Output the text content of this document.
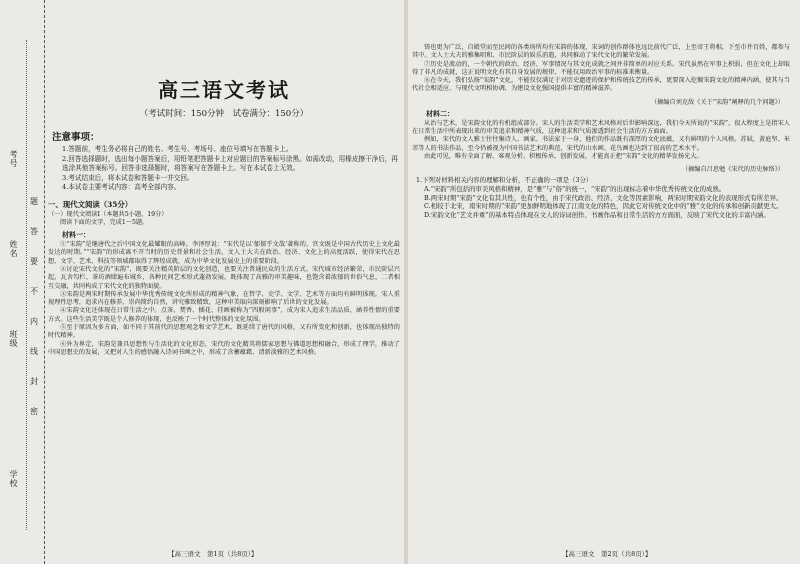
考号
姓名
班级
学校
题
答
要
不
内
线
封
密
高三语文考试
（考试时间：150分钟　试卷满分：150分）
注意事项：
1.答题前，考生务必将自己的姓名、考生号、考场号、座位号填写在答题卡上。
2.回答选择题时，选出每小题答案后，用铅笔把答题卡上对应题目的答案标号涂黑。如需改动，用橡皮擦干净后，再选涂其他答案标号。回答非选择题时，将答案写在答题卡上。写在本试卷上无效。
3.考试结束后，将本试卷和答题卡一并交回。
4.本试卷主要考试内容：高考全部内容。
一、现代文阅读（35分）
（一）现代文阅读Ⅰ（本题共5小题，19分）
阅读下面的文字，完成1～5题。
材料一：

①“宋韵”是继唐代之后中国文化最耀眼的高峰。李泽厚说：“宋代是以‘郁郁乎文哉’著称的，官文既是中国古代历史上文化最发达的时期。”“宋韵”的形成离不开当时的历史背景和社会生活，文人士大夫在政治、经济、文化上的高度活跃，使得宋代在思想、文学、艺术、科技等领域都取得了辉煌成就，成为中华文化发展史上的重要阶段。

②讨论宋代文化的“宋韵”，既要关注精英阶层的文化创造，也要关注普通民众的生活方式。宋代城市经济繁荣，市民阶层兴起，瓦舍勾栏、茶坊酒肆遍布城乡，各种民间艺术形式蓬勃发展，既体现了高雅的审美趣味，也饱含着浓郁的世俗气息，二者相互交融，共同构成了宋代文化的独特面貌。

③宋韵是两宋时期传承发展中华优秀传统文化所形成的精神气象，在哲学、史学、文学、艺术等方面均有鲜明体现。宋人重视理性思考，追求内在修养，崇尚简约自然，讲究雅致精致，这种审美取向深刻影响了后世的文化发展。

④宋韵文化还体现在日常生活之中。点茶、焚香、插花、挂画被称为“四般闲事”，成为宋人追求生活品质、涵养性情的重要方式。这些生活美学既是个人修养的体现，也反映了一个时代整体的文化氛围。

⑤至于原因为多方面，如不同于其前代的思想观念和文学艺术，既延续了唐代的风格，又有所变化和创新，也体现出独特的时代精神。

⑥外为界定，宋韵是兼具思想性与生活化的文化形态，宋代的文化精英将儒家思想与佛道思想相融合，形成了理学，推动了中国思想史的发展，又把对人生的感悟融入诗词书画之中，形成了含蓄蕴藉、清新淡雅的艺术风格。

【高三语文　第1页（共8页）】

铸也更为广泛，自殿堂而至民间的各类场所均有宋韵的体现，宋词的创作群体也远比前代广泛，上至帝王将相，下至市井百姓，都参与其中。文人士大夫的雅集唱和、市民阶层的娱乐消遣，共同推动了宋代文化的繁荣发展。

⑦历史是流动的，一个朝代的政治、经济、军事情况与其文化成就之间并非简单的对应关系。宋代虽然在军事上积弱，但在文化上却取得了非凡的成就，这正说明文化有其自身发展的规律，不能仅用政治军事的标准来衡量。

⑧在今天，我们弘扬“宋韵”文化，不能仅仅满足于对历史遗迹的保护和传统技艺的传承，更要深入挖掘宋韵文化的精神内涵，使其与当代社会相适应、与现代文明相协调，为建设文化强国提供丰富的精神滋养。

（摘编自刘克敌《关于“宋韵”阐释的几个问题》）
材料二：

从治与艺术，是宋韵文化的有机组成部分。宋人的生活美学和艺术风格对后世影响深远，我们今天所说的“宋韵”，很大程度上是指宋人在日常生活中所表现出来的审美追求和精神气质，这种追求和气质渗透到社会生活的方方面面。

例如，宋代的文人雅士往往集诗人、画家、书法家于一身，他们的作品既有深厚的文化底蕴，又有鲜明的个人风格。苏轼、黄庭坚、米芾等人的书法作品，至今仍被视为中国书法艺术的典范，宋代的山水画、花鸟画也达到了很高的艺术水平。

由此可见，唯有全面了解、客观分析、积极传承、创新发展，才能真正把“宋韵”文化的精华发扬光大。

（摘编自吕思勉《宋代的历史脉络》）
1.下列对材料相关内容的理解和分析，不正确的一项是（3分）
A.“宋韵”所包括的审美风格和精神，是“雅”与“俗”的统一，“宋韵”的出现标志着中华优秀传统文化的成熟。
B.两宋时期“宋韵”文化有其共性，也有个性，由于宋代政治、经济、文化等因素影响，两宋时期宋韵文化的表现形式有所差异。
C.相较于北宋，南宋时期的“宋韵”更加鲜明地体现了江南文化的特色，因此它对传统文化中的“雅”文化的传承和创新贡献更大。
D.宋韵文化“艺文并重”的基本特点体现在文人的诗词创作、书画作品和日常生活的方方面面，反映了宋代文化的丰富内涵。
【高三语文　第2页（共8页）】
